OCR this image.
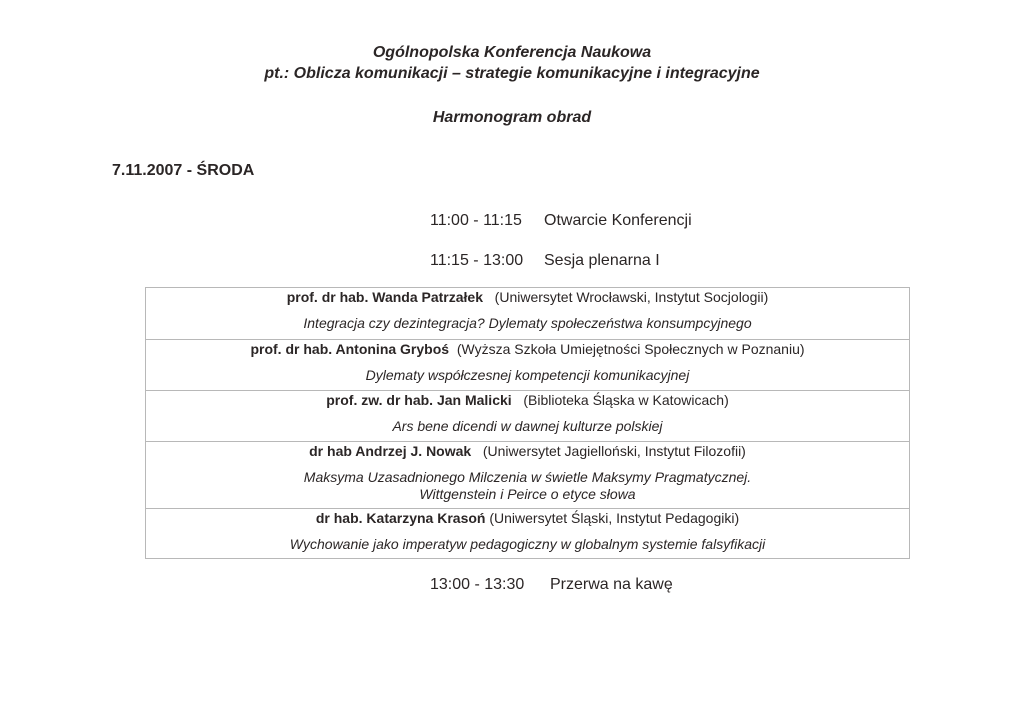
Ogólnopolska Konferencja Naukowa
pt.: Oblicza komunikacji – strategie komunikacyjne i integracyjne
Harmonogram obrad
7.11.2007 - ŚRODA
11:00 - 11:15 Otwarcie Konferencji
11:15 - 13:00 Sesja plenarna I
prof. dr hab. Wanda Patrzałek (Uniwersytet Wrocławski, Instytut Socjologii)
Integracja czy dezintegracja? Dylematy społeczeństwa konsumpcyjnego
prof. dr hab. Antonina Gryboś (Wyższa Szkoła Umiejętności Społecznych w Poznaniu)
Dylematy współczesnej kompetencji komunikacyjnej
prof. zw. dr hab. Jan Malicki (Biblioteka Śląska w Katowicach)
Ars bene dicendi w dawnej kulturze polskiej
dr hab Andrzej J. Nowak (Uniwersytet Jagielloński, Instytut Filozofii)
Maksyma Uzasadnionego Milczenia w świetle Maksymy Pragmatycznej.
Wittgenstein i Peirce o etyce słowa
dr hab. Katarzyna Krasoń (Uniwersytet Śląski, Instytut Pedagogiki)
Wychowanie jako imperatyw pedagogiczny w globalnym systemie falsyfikacji
13:00 - 13:30 Przerwa na kawę
